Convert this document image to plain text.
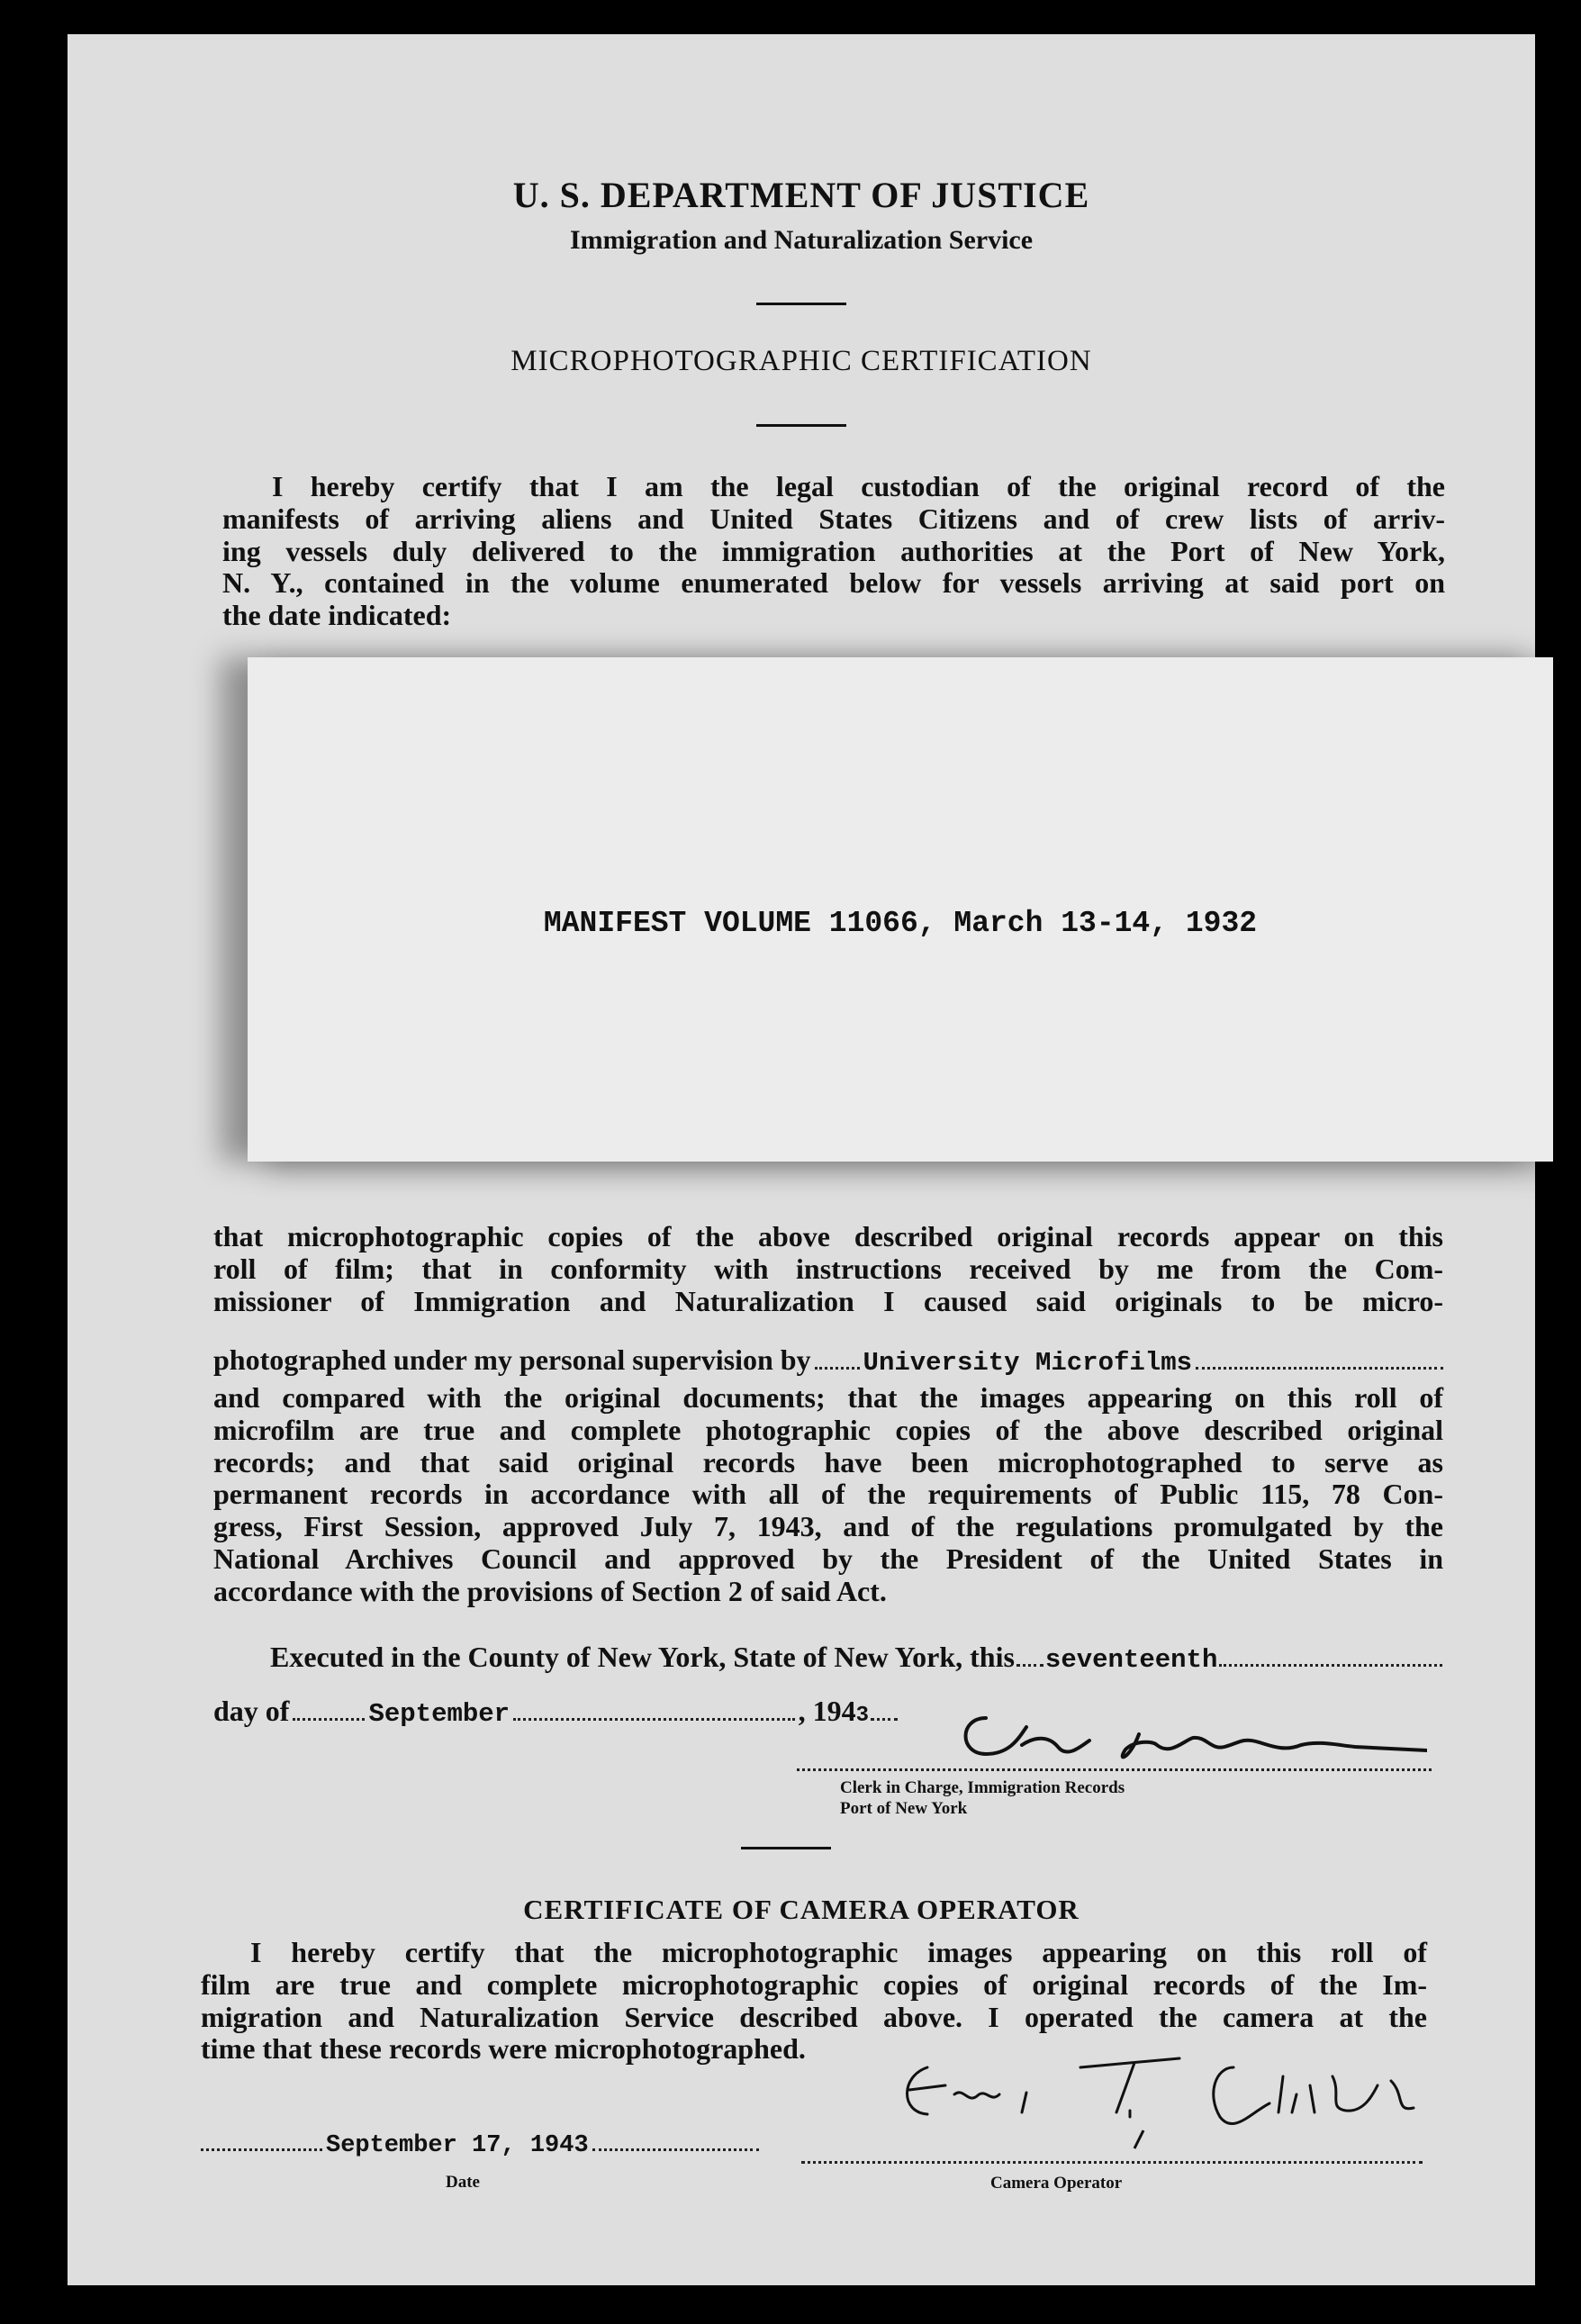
U. S. DEPARTMENT OF JUSTICE
Immigration and Naturalization Service
MICROPHOTOGRAPHIC CERTIFICATION
I hereby certify that I am the legal custodian of the original record of the
manifests of arriving aliens and United States Citizens and of crew lists of arriv-
ing vessels duly delivered to the immigration authorities at the Port of New York,
N. Y., contained in the volume enumerated below for vessels arriving at said port on
the date indicated:
MANIFEST VOLUME 11066, March 13-14, 1932
that microphotographic copies of the above described original records appear on this
roll of film; that in conformity with instructions received by me from the Com-
missioner of Immigration and Naturalization I caused said originals to be micro-
photographed under my personal supervision by University Microfilms
and compared with the original documents; that the images appearing on this roll of
microfilm are true and complete photographic copies of the above described original
records; and that said original records have been microphotographed to serve as
permanent records in accordance with all of the requirements of Public 115, 78 Con-
gress, First Session, approved July 7, 1943, and of the regulations promulgated by the
National Archives Council and approved by the President of the United States in
accordance with the provisions of Section 2 of said Act.
Executed in the County of New York, State of New York, this seventeenth
day of	September	, 194 3
Clerk in Charge, Immigration Records
Port of New York
CERTIFICATE OF CAMERA OPERATOR
I hereby certify that the microphotographic images appearing on this roll of
film are true and complete microphotographic copies of original records of the Im-
migration and Naturalization Service described above. I operated the camera at the
time that these records were microphotographed.
September 17, 1943
Date	Camera Operator
